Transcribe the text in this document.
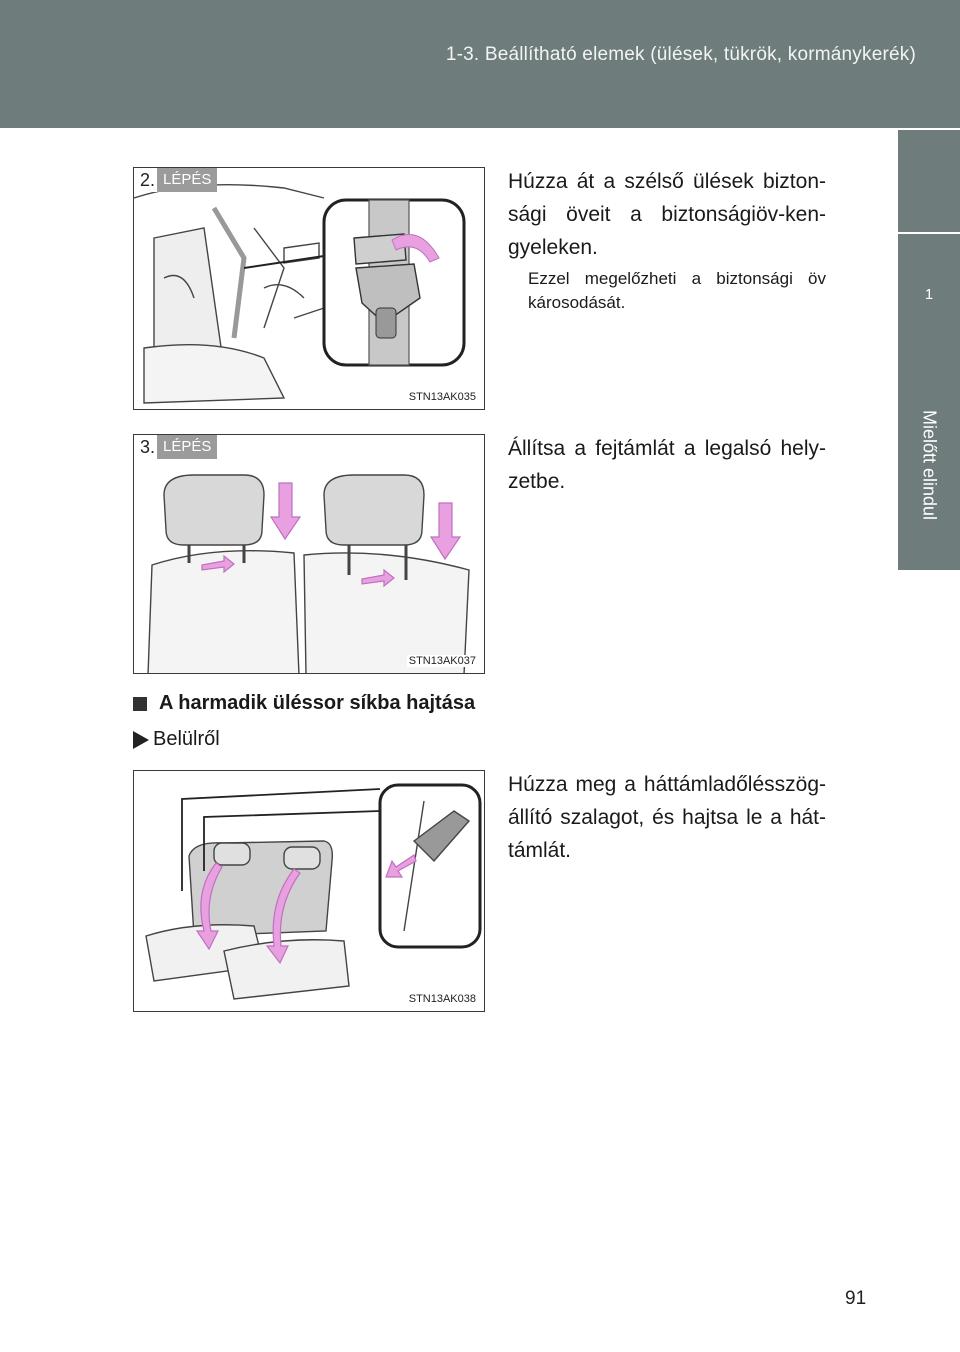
1-3. Beállítható elemek (ülések, tükrök, kormánykerék)
1
Mielőtt elindul
2. LÉPÉS
STN13AK035
Húzza át a szélső ülések bizton-sági öveit a biztonságiöv-ken-gyeleken.
Ezzel megelőzheti a biztonsági öv károsodását.
3. LÉPÉS
STN13AK037
Állítsa a fejtámlát a legalsó hely-zetbe.
A harmadik üléssor síkba hajtása
Belülről
STN13AK038
Húzza meg a háttámladőlésszög-állító szalagot, és hajtsa le a hát-támlát.
91
